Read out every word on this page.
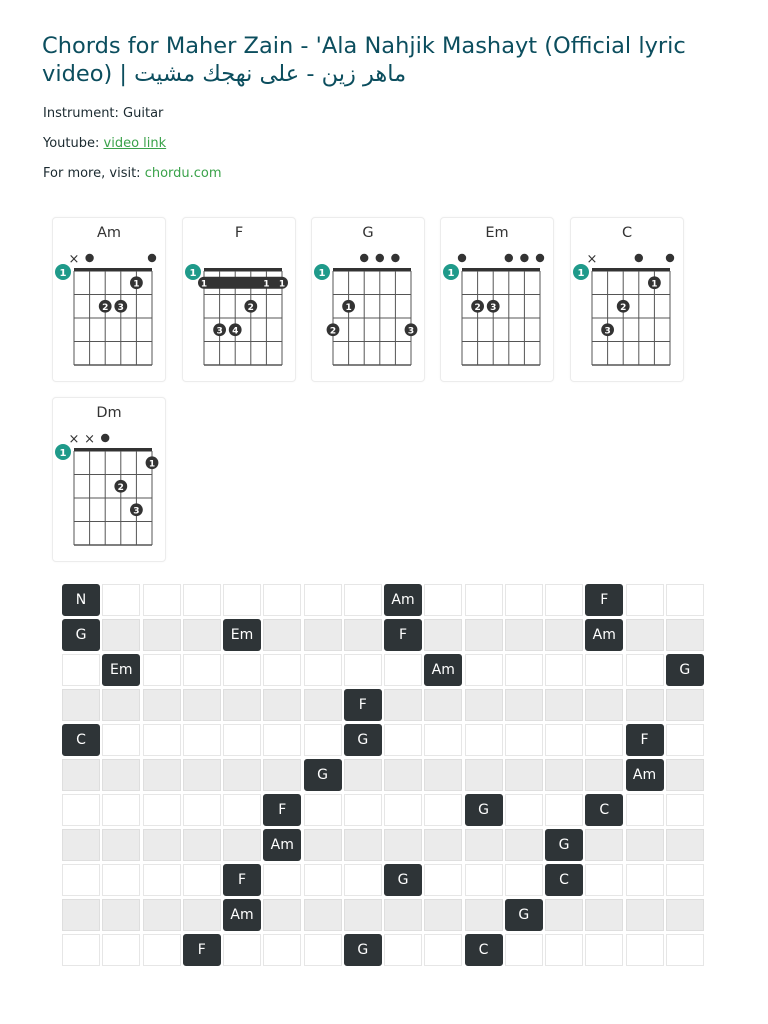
Chords for Maher Zain - 'Ala Nahjik Mashayt (Official lyric video) | ماهر زين - على نهجك مشيت
Instrument: Guitar
Youtube: video link
For more, visit: chordu.com
Am
×
1
1
2 3
F
1
1	1 1
2
3 4
G
1
1
2	3
Em
1
2 3
C
×
1
1
2
3
Dm
× ×
1
1
2
3
N	Am	F
G	Em	F	Am
Em	Am	G
F
C	G	F
G	Am
F	G	C
Am	G
F	G	C
Am	G
F	G	C
